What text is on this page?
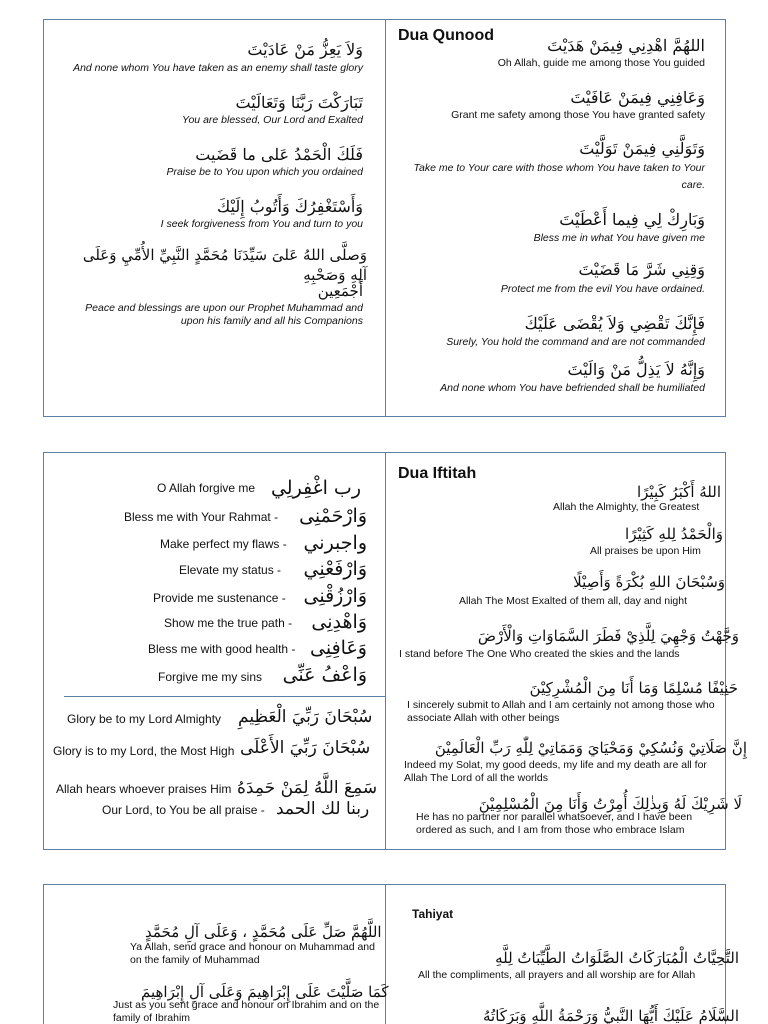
Dua Qunood
اللهُمَّ اهْدِنِي فِيمَنْ هَدَيْتَ
Oh Allah, guide me among those You guided
وَعَافِنِي فِيمَنْ عَافَيْتَ
Grant me safety among those You have granted safety
وَتَوَلَّنِي فِيمَنْ تَوَلَّيْتَ
Take me to Your care with those whom You have taken to Your care.
وَبَارِكْ لِي فِيما أَعْطَيْتَ
Bless me in what You have given me
وَقِنِي شَرَّ مَا قَضَيْتَ
Protect me from the evil You have ordained.
فَإِنَّكَ تَقْضِي وَلاَ يُقْضَى عَلَيْكَ
Surely, You hold the command and are not commanded
وَإِنَّهُ لاَ يَذِلُّ مَنْ وَالَيْتَ
And none whom You have befriended shall be humiliated
وَلاَ يَعِزُّ مَنْ عَادَيْتَ
And none whom You have taken as an enemy shall taste glory
تَبَارَكْتَ رَبَّنَا وَتَعَالَيْتَ
You are blessed, Our Lord and Exalted
فَلَكَ الْحَمْدُ عَلى ما قَضَيت
Praise be to You upon which you ordained
وَأَسْتَغْفِرُكَ وَأَتُوبُ إِلَيْكَ
I seek forgiveness from You and turn to you
وَصلَّى اللهُ عَلىَ سَيِّدَنَا مُحَمَّدٍ النَّبِيِّ الأُمِّيِ وَعَلَى آلِهِ وَصَحْبِهِ
أَجْمَعِين
Peace and blessings are upon our Prophet Muhammad and upon his family and all his Companions
Dua Iftitah
اللهُ أَكْبَرُ كَبِيْرًا
Allah the Almighty, the Greatest
وَالْحَمْدُ لِلهِ كَثِيْرًا
All praises be upon Him
وَسُبْحَانَ اللهِ بُكْرَةً وَأَصِيْلًا
Allah The Most Exalted of them all, day and night
وَجَّهْتُ وَجْهِيَ لِلَّذِيْ فَطَرَ السَّمَاوَاتِ وَالْأَرْضَ
I stand before The One Who created the skies and the lands
حَنِيْفًا مُسْلِمًا وَمَا أَنَا مِنَ الْمُشْرِكِيْنَ
I sincerely submit to Allah and I am certainly not among those who associate Allah with other beings
إِنَّ صَلَاتِيْ وَنُسُكِيْ وَمَحْيَايَ وَمَمَاتِيْ لِلّٰهِ رَبِّ الْعَالَمِيْنَ
Indeed my Solat, my good deeds, my life and my death are all for Allah The Lord of all the worlds
لَا شَرِيْكَ لَهُ وَبِذٰلِكَ أُمِرْتُ وَأَنَا مِنَ الْمُسْلِمِيْنَ
He has no partner nor parallel whatsoever, and I have been ordered as such, and I am from those who embrace Islam
O Allah forgive me رب اغْفِرلِي
Bless me with Your Rahmat - وَارْحَمْنِى
Make perfect my flaws - واجبرني
Elevate my status - وَارْفَعْنِي
Provide me sustenance - وَارْزُقْنِى
Show me the true path - وَاهْدِنِى
Bless me with good health - وَعَافِنِى
Forgive me my sins وَاعْفُ عَنِّى
Glory be to my Lord Almighty سُبْحَانَ رَبِّيَ الْعَظِيمِ
Glory is to my Lord, the Most High سُبْحَانَ رَبِّيَ الأَعْلَى
Allah hears whoever praises Him سَمِعَ اللَّهُ لِمَنْ حَمِدَهُ
Our Lord, to You be all praise - ربنا لك الحمد
Tahiyat
التَّحِيَّاتُ الْمُبَارَكَاتُ الصَّلَوَاتُ الطَّيِّبَاتُ لِلَّهِ
All the compliments, all prayers and all worship are for Allah
السَّلَامُ عَلَيْكَ أَيُّهَا النَّبِيُّ وَرَحْمَةُ اللَّهِ وَبَرَكَاتُهُ
اللَّهُمَّ صَلِّ عَلَى مُحَمَّدٍ ، وَعَلَى آلِ مُحَمَّدٍ
Ya Allah, send grace and honour on Muhammad and on the family of Muhammad
كَمَا صَلَّيْتَ عَلَى إِبْرَاهِيمَ وَعَلَى آلِ إِبْرَاهِيمَ
Just as you sent grace and honour on Ibrahim and on the family of Ibrahim
